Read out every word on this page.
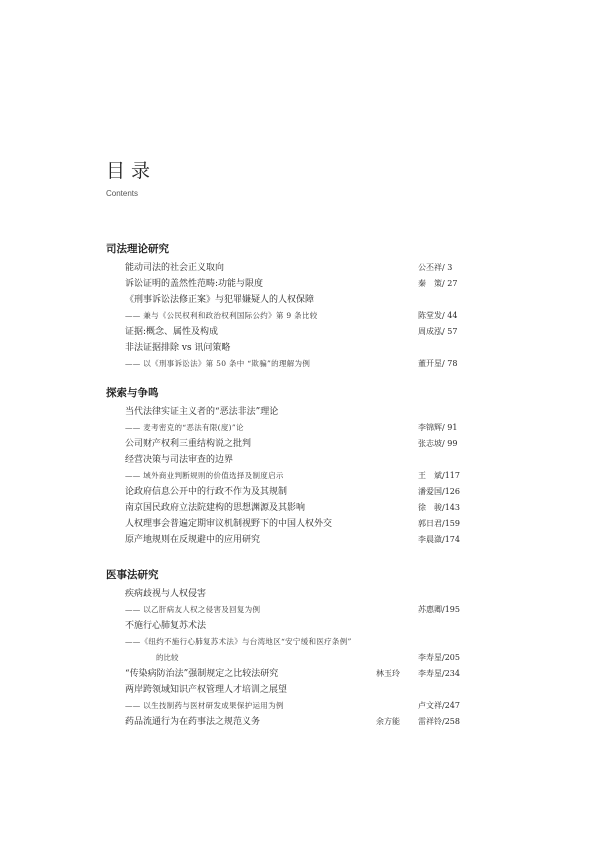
目录
Contents
司法理论研究
能动司法的社会正义取向	公丕祥/ 3
诉讼证明的盖然性范畴:功能与限度	秦　策/ 27
《刑事诉讼法修正案》与犯罪嫌疑人的人权保障
—— 兼与《公民权利和政治权利国际公约》第 9 条比较	陈堂发/ 44
证据:概念、属性及构成	周成泓/ 57
非法证据排除 vs 讯问策略
—— 以《刑事诉讼法》第 50 条中 “欺骗”的理解为例	董开星/ 78
探索与争鸣
当代法律实证主义者的“恶法非法”理论
—— 麦考密克的“恶法有限(度)”论	李锦辉/ 91
公司财产权利三重结构说之批判	张志坡/ 99
经营决策与司法审查的边界
—— 域外商业判断规则的价值选择及制度启示	王　斌/117
论政府信息公开中的行政不作为及其规制	潘爱国/126
南京国民政府立法院建构的思想渊源及其影响	徐　骏/143
人权理事会普遍定期审议机制视野下的中国人权外交	郭日君/159
原产地规则在反规避中的应用研究	李晨潋/174
医事法研究
疾病歧视与人权侵害
—— 以乙肝病友人权之侵害及回复为例	苏惠卿/195
不施行心肺复苏术法
——《纽约不施行心肺复苏术法》与台湾地区“安宁缓和医疗条例”
的比较	李寿星/205
“传染病防治法”强制规定之比较法研究	林玉玲 李寿星/234
两岸跨领域知识产权管理人才培训之展望
—— 以生技制药与医材研发成果保护运用为例	卢文祥/247
药品流通行为在药事法之规范义务	余方能 雷祥铃/258
